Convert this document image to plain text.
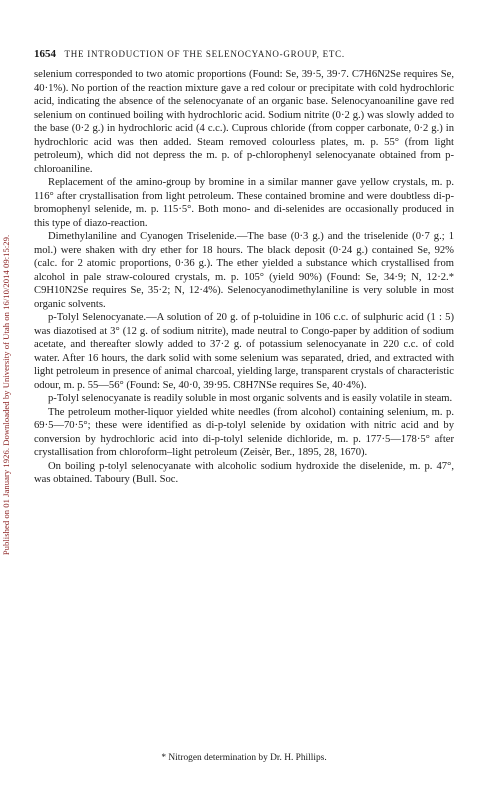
Published on 01 January 1926. Downloaded by University of Utah on 16/10/2014 09:15:29.
1654 THE INTRODUCTION OF THE SELENOCYANO-GROUP, ETC.

selenium corresponded to two atomic proportions (Found: Se, 39·5, 39·7. C7H6N2Se requires Se, 40·1%). No portion of the reaction mixture gave a red colour or precipitate with cold hydrochloric acid, indicating the absence of the selenocyanate of an organic base. Selenocyanoaniline gave red selenium on continued boiling with hydrochloric acid. Sodium nitrite (0·2 g.) was slowly added to the base (0·2 g.) in hydrochloric acid (4 c.c.). Cuprous chloride (from copper carbonate, 0·2 g.) in hydrochloric acid was then added. Steam removed colourless plates, m. p. 55° (from light petroleum), which did not depress the m. p. of p-chlorophenyl selenocyanate obtained from p-chloroaniline.

Replacement of the amino-group by bromine in a similar manner gave yellow crystals, m. p. 116° after crystallisation from light petroleum. These contained bromine and were doubtless di-p-bromophenyl selenide, m. p. 115·5°. Both mono- and di-selenides are occasionally produced in this type of diazo-reaction.

Dimethylaniline and Cyanogen Triselenide.—The base (0·3 g.) and the triselenide (0·7 g.; 1 mol.) were shaken with dry ether for 18 hours. The black deposit (0·24 g.) contained Se, 92% (calc. for 2 atomic proportions, 0·36 g.). The ether yielded a substance which crystallised from alcohol in pale straw-coloured crystals, m. p. 105° (yield 90%) (Found: Se, 34·9; N, 12·2.* C9H10N2Se requires Se, 35·2; N, 12·4%). Selenocyanodimethylaniline is very soluble in most organic solvents.

p-Tolyl Selenocyanate.—A solution of 20 g. of p-toluidine in 106 c.c. of sulphuric acid (1 : 5) was diazotised at 3° (12 g. of sodium nitrite), made neutral to Congo-paper by addition of sodium acetate, and thereafter slowly added to 37·2 g. of potassium selenocyanate in 220 c.c. of cold water. After 16 hours, the dark solid with some selenium was separated, dried, and extracted with light petroleum in presence of animal charcoal, yielding large, transparent crystals of characteristic odour, m. p. 55—56° (Found: Se, 40·0, 39·95. C8H7NSe requires Se, 40·4%).

p-Tolyl selenocyanate is readily soluble in most organic solvents and is easily volatile in steam.

The petroleum mother-liquor yielded white needles (from alcohol) containing selenium, m. p. 69·5—70·5°; these were identified as di-p-tolyl selenide by oxidation with nitric acid and by conversion by hydrochloric acid into di-p-tolyl selenide dichloride, m. p. 177·5—178·5° after crystallisation from chloroform–light petroleum (Zeisèr, Ber., 1895, 28, 1670).

On boiling p-tolyl selenocyanate with alcoholic sodium hydroxide the diselenide, m. p. 47°, was obtained. Taboury (Bull. Soc.

* Nitrogen determination by Dr. H. Phillips.
